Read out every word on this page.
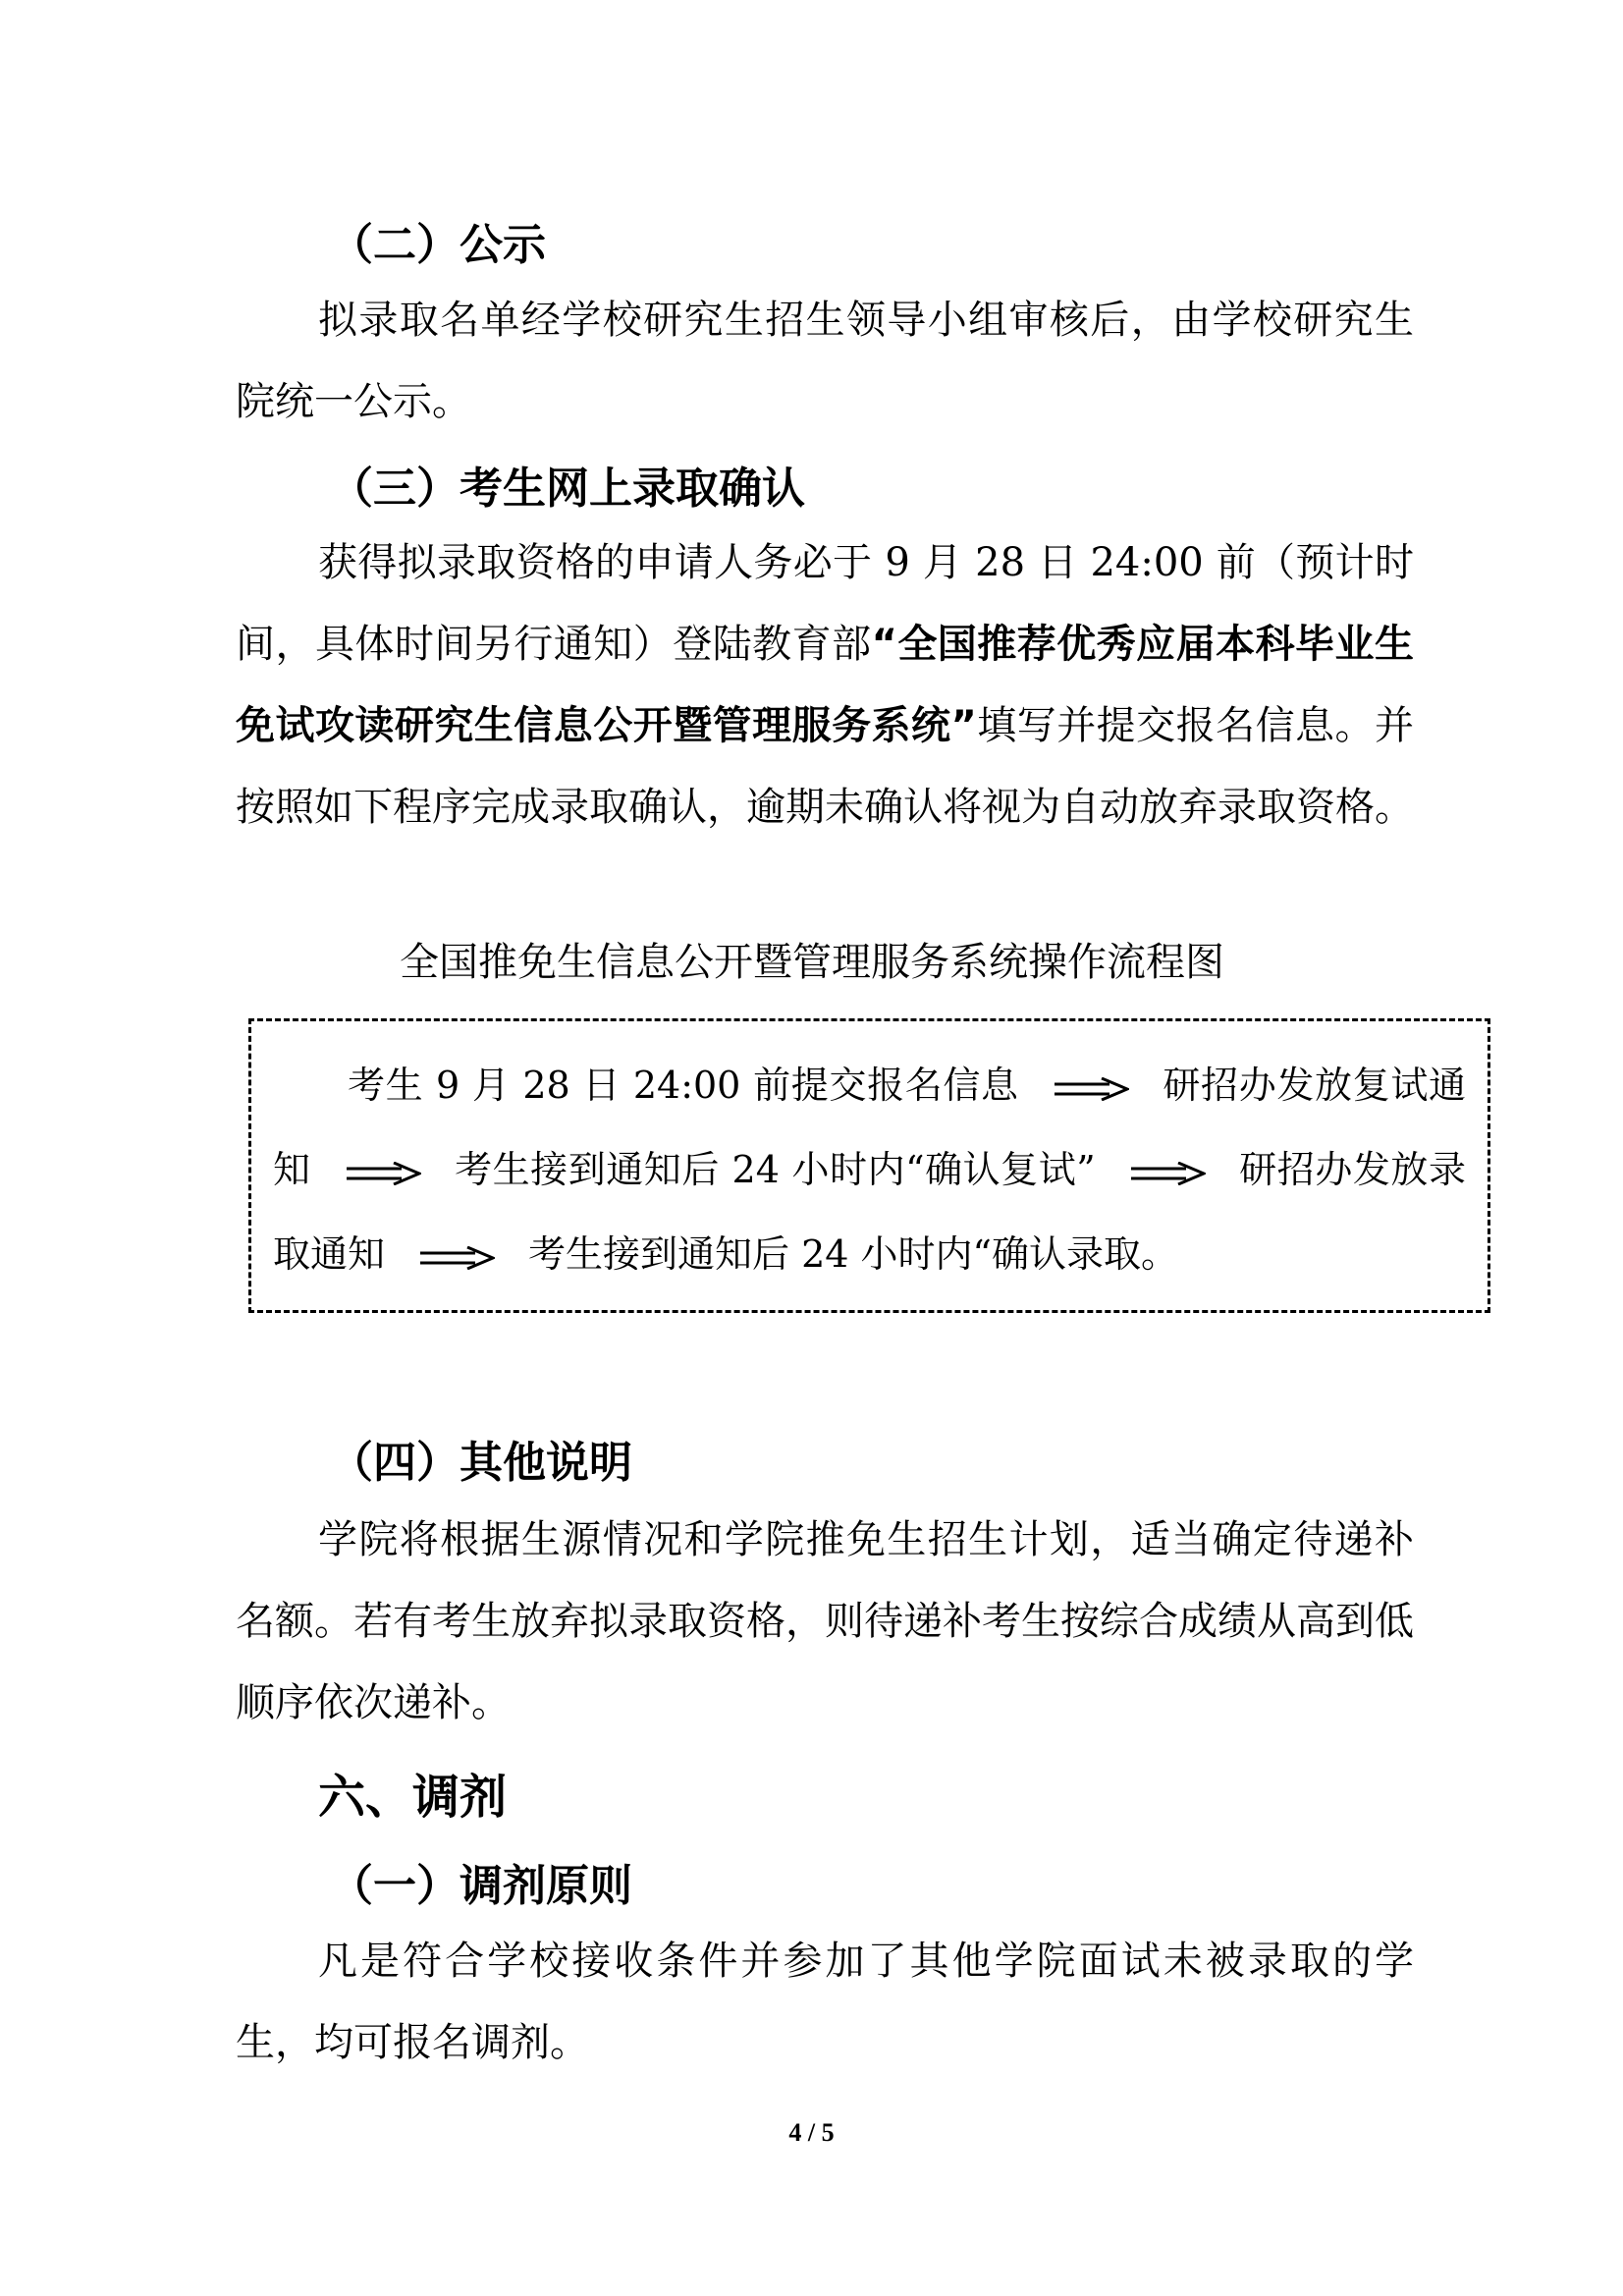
（二）公示

拟录取名单经学校研究生招生领导小组审核后，由学校研究生院统一公示。

（三）考生网上录取确认

获得拟录取资格的申请人务必于 9 月 28 日 24:00 前（预计时间，具体时间另行通知）登陆教育部“全国推荐优秀应届本科毕业生免试攻读研究生信息公开暨管理服务系统”填写并提交报名信息。并按照如下程序完成录取确认，逾期未确认将视为自动放弃录取资格。

全国推免生信息公开暨管理服务系统操作流程图

考生 9 月 28 日 24:00 前提交报名信息	研招办发放复试通知	考生接到通知后 24 小时内“确认复试”	研招办发放录取通知	考生接到通知后 24 小时内“确认录取。

（四）其他说明

学院将根据生源情况和学院推免生招生计划，适当确定待递补名额。若有考生放弃拟录取资格，则待递补考生按综合成绩从高到低顺序依次递补。

六、调剂
（一）调剂原则

凡是符合学校接收条件并参加了其他学院面试未被录取的学生，均可报名调剂。

4 / 5
